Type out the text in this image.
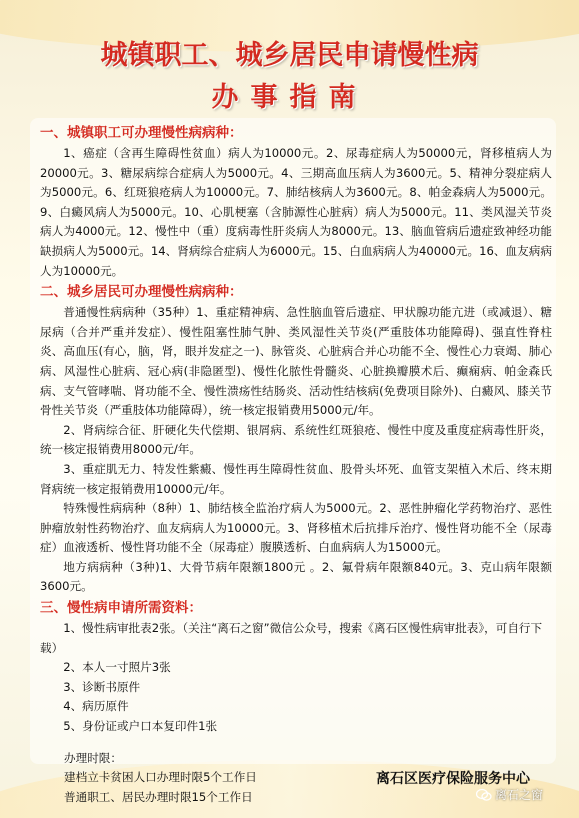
城镇职工、城乡居民申请慢性病

办事指南

一、城镇职工可办理慢性病病种：

1、癌症（含再生障碍性贫血）病人为10000元。2、尿毒症病人为50000元，肾移植病人为20000元。3、糖尿病综合症病人为5000元。4、三期高血压病人为3600元。5、精神分裂症病人为5000元。6、红斑狼疮病人为10000元。7、肺结核病人为3600元。8、帕金森病人为5000元。9、白癜风病人为5000元。10、心肌梗塞（含肺源性心脏病）病人为5000元。11、类风湿关节炎病人为4000元。12、慢性中（重）度病毒性肝炎病人为8000元。13、脑血管病后遗症致神经功能缺损病人为5000元。14、肾病综合症病人为6000元。15、白血病病人为40000元。16、血友病病人为10000元。

二、城乡居民可办理慢性病病种：

普通慢性病病种（35种）1、重症精神病、急性脑血管后遗症、甲状腺功能亢进（或减退）、糖尿病（合并严重并发症）、慢性阻塞性肺气肿、类风湿性关节炎(严重肢体功能障碍)、强直性脊柱炎、高血压(有心，脑，肾，眼并发症之一)、脉管炎、心脏病合并心功能不全、慢性心力衰竭、肺心病、风湿性心脏病、冠心病(非隐匿型)、慢性化脓性骨髓炎、心脏换瓣膜术后、癫痫病、帕金森氏病、支气管哮喘、肾功能不全、慢性溃疡性结肠炎、活动性结核病(免费项目除外)、白癜风、膝关节骨性关节炎（严重肢体功能障碍），统一核定报销费用5000元/年。

2、肾病综合征、肝硬化失代偿期、银屑病、系统性红斑狼疮、慢性中度及重度症病毒性肝炎，统一核定报销费用8000元/年。

3、重症肌无力、特发性紫癜、慢性再生障碍性贫血、股骨头坏死、血管支架植入术后、终末期肾病统一核定报销费用10000元/年。

特殊慢性病病种（8种）1、肺结核全监治疗病人为5000元。2、恶性肿瘤化学药物治疗、恶性肿瘤放射性药物治疗、血友病病人为10000元。3、肾移植术后抗排斥治疗、慢性肾功能不全（尿毒症）血液透析、慢性肾功能不全（尿毒症）腹膜透析、白血病病人为15000元。

地方病病种（3种)1、大骨节病年限额1800元 。2、氟骨病年限额840元。3、克山病年限额3600元。

三、慢性病申请所需资料：

1、慢性病审批表2张。（关注“离石之窗”微信公众号，搜索《离石区慢性病审批表》，可自行下载）

2、本人一寸照片3张

3、诊断书原件

4、病历原件

5、身份证或户口本复印件1张

办理时限：

建档立卡贫困人口办理时限5个工作日

普通职工、居民办理时限15个工作日

离石区医疗保险服务中心
离石之窗
